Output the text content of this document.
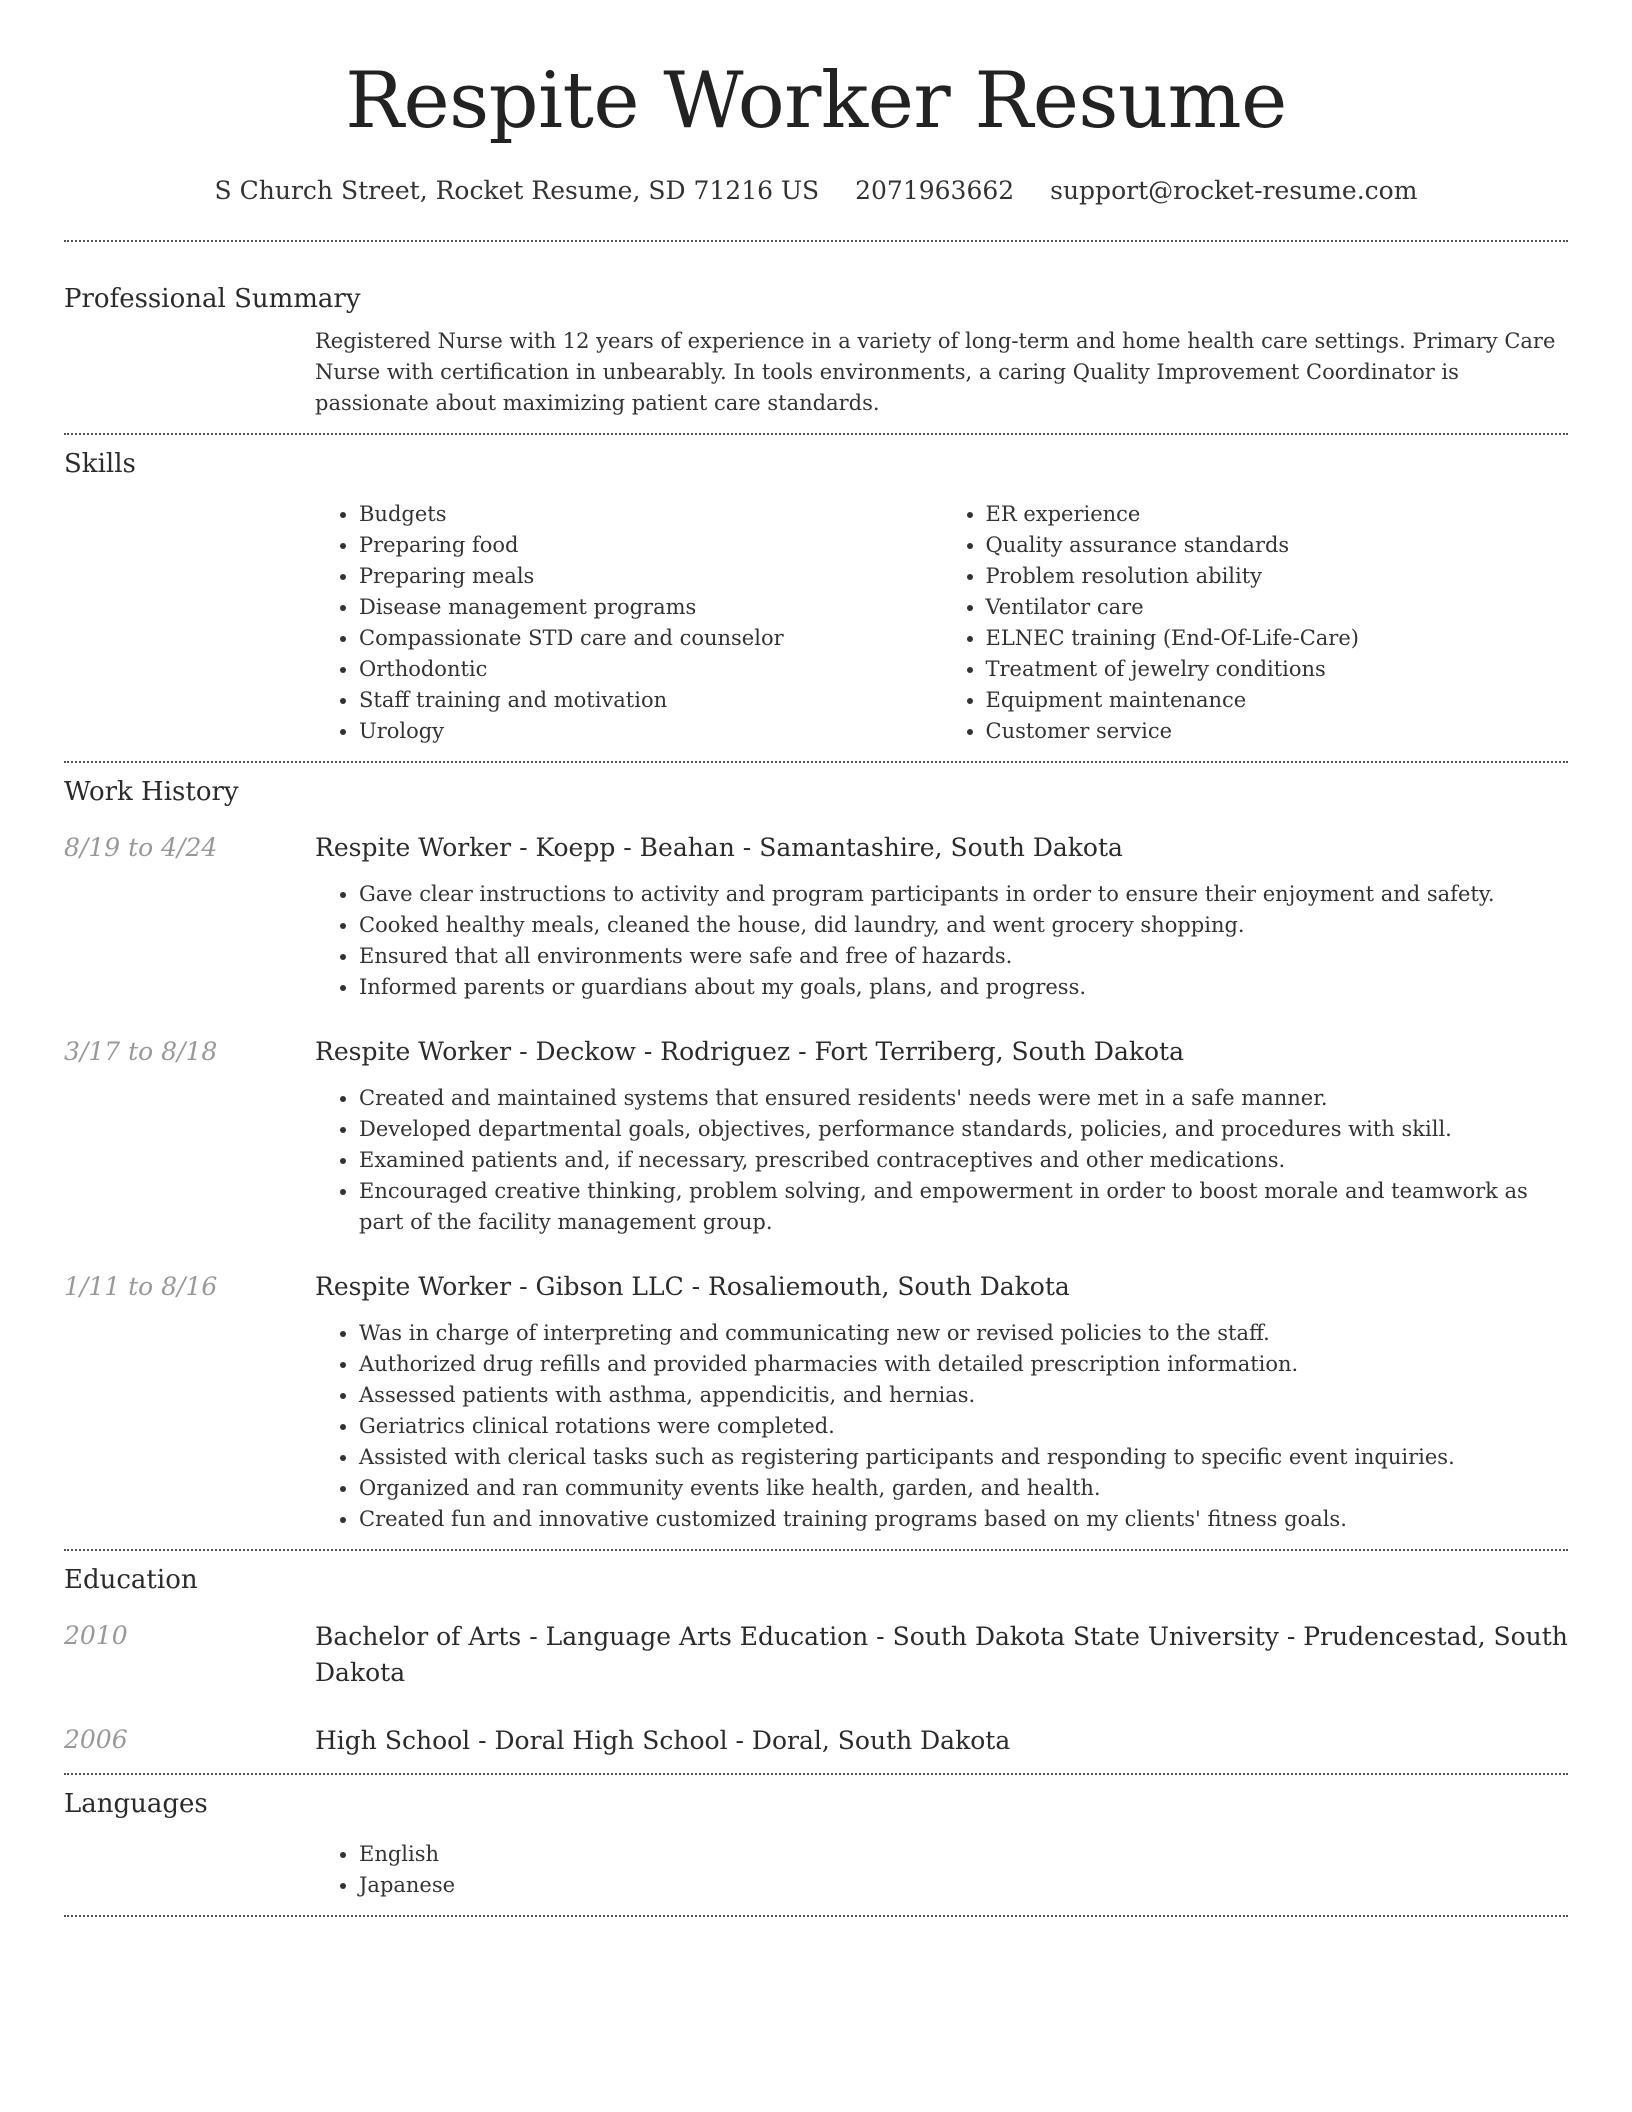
Respite Worker Resume
S Church Street, Rocket Resume, SD 71216 US 2071963662 support@rocket-resume.com
Professional Summary

Registered Nurse with 12 years of experience in a variety of long-term and home health care settings. Primary Care Nurse with certification in unbearably. In tools environments, a caring Quality Improvement Coordinator is passionate about maximizing patient care standards.

Skills
• Budgets
• Preparing food
• Preparing meals
• Disease management programs
• Compassionate STD care and counselor
• Orthodontic
• Staff training and motivation
• Urology
• ER experience
• Quality assurance standards
• Problem resolution ability
• Ventilator care
• ELNEC training (End-Of-Life-Care)
• Treatment of jewelry conditions
• Equipment maintenance
• Customer service
Work History
8/19 to 4/24	Respite Worker - Koepp - Beahan - Samantashire, South Dakota
• Gave clear instructions to activity and program participants in order to ensure their enjoyment and safety.
• Cooked healthy meals, cleaned the house, did laundry, and went grocery shopping.
• Ensured that all environments were safe and free of hazards.
• Informed parents or guardians about my goals, plans, and progress.
3/17 to 8/18	Respite Worker - Deckow - Rodriguez - Fort Terriberg, South Dakota
• Created and maintained systems that ensured residents' needs were met in a safe manner.
• Developed departmental goals, objectives, performance standards, policies, and procedures with skill.
• Examined patients and, if necessary, prescribed contraceptives and other medications.
• Encouraged creative thinking, problem solving, and empowerment in order to boost morale and teamwork as part of the facility management group.
1/11 to 8/16	Respite Worker - Gibson LLC - Rosaliemouth, South Dakota
• Was in charge of interpreting and communicating new or revised policies to the staff.
• Authorized drug refills and provided pharmacies with detailed prescription information.
• Assessed patients with asthma, appendicitis, and hernias.
• Geriatrics clinical rotations were completed.
• Assisted with clerical tasks such as registering participants and responding to specific event inquiries.
• Organized and ran community events like health, garden, and health.
• Created fun and innovative customized training programs based on my clients' fitness goals.
Education
2010	Bachelor of Arts - Language Arts Education - South Dakota State University - Prudencestad, South Dakota
2006	High School - Doral High School - Doral, South Dakota
Languages
• English
• Japanese
